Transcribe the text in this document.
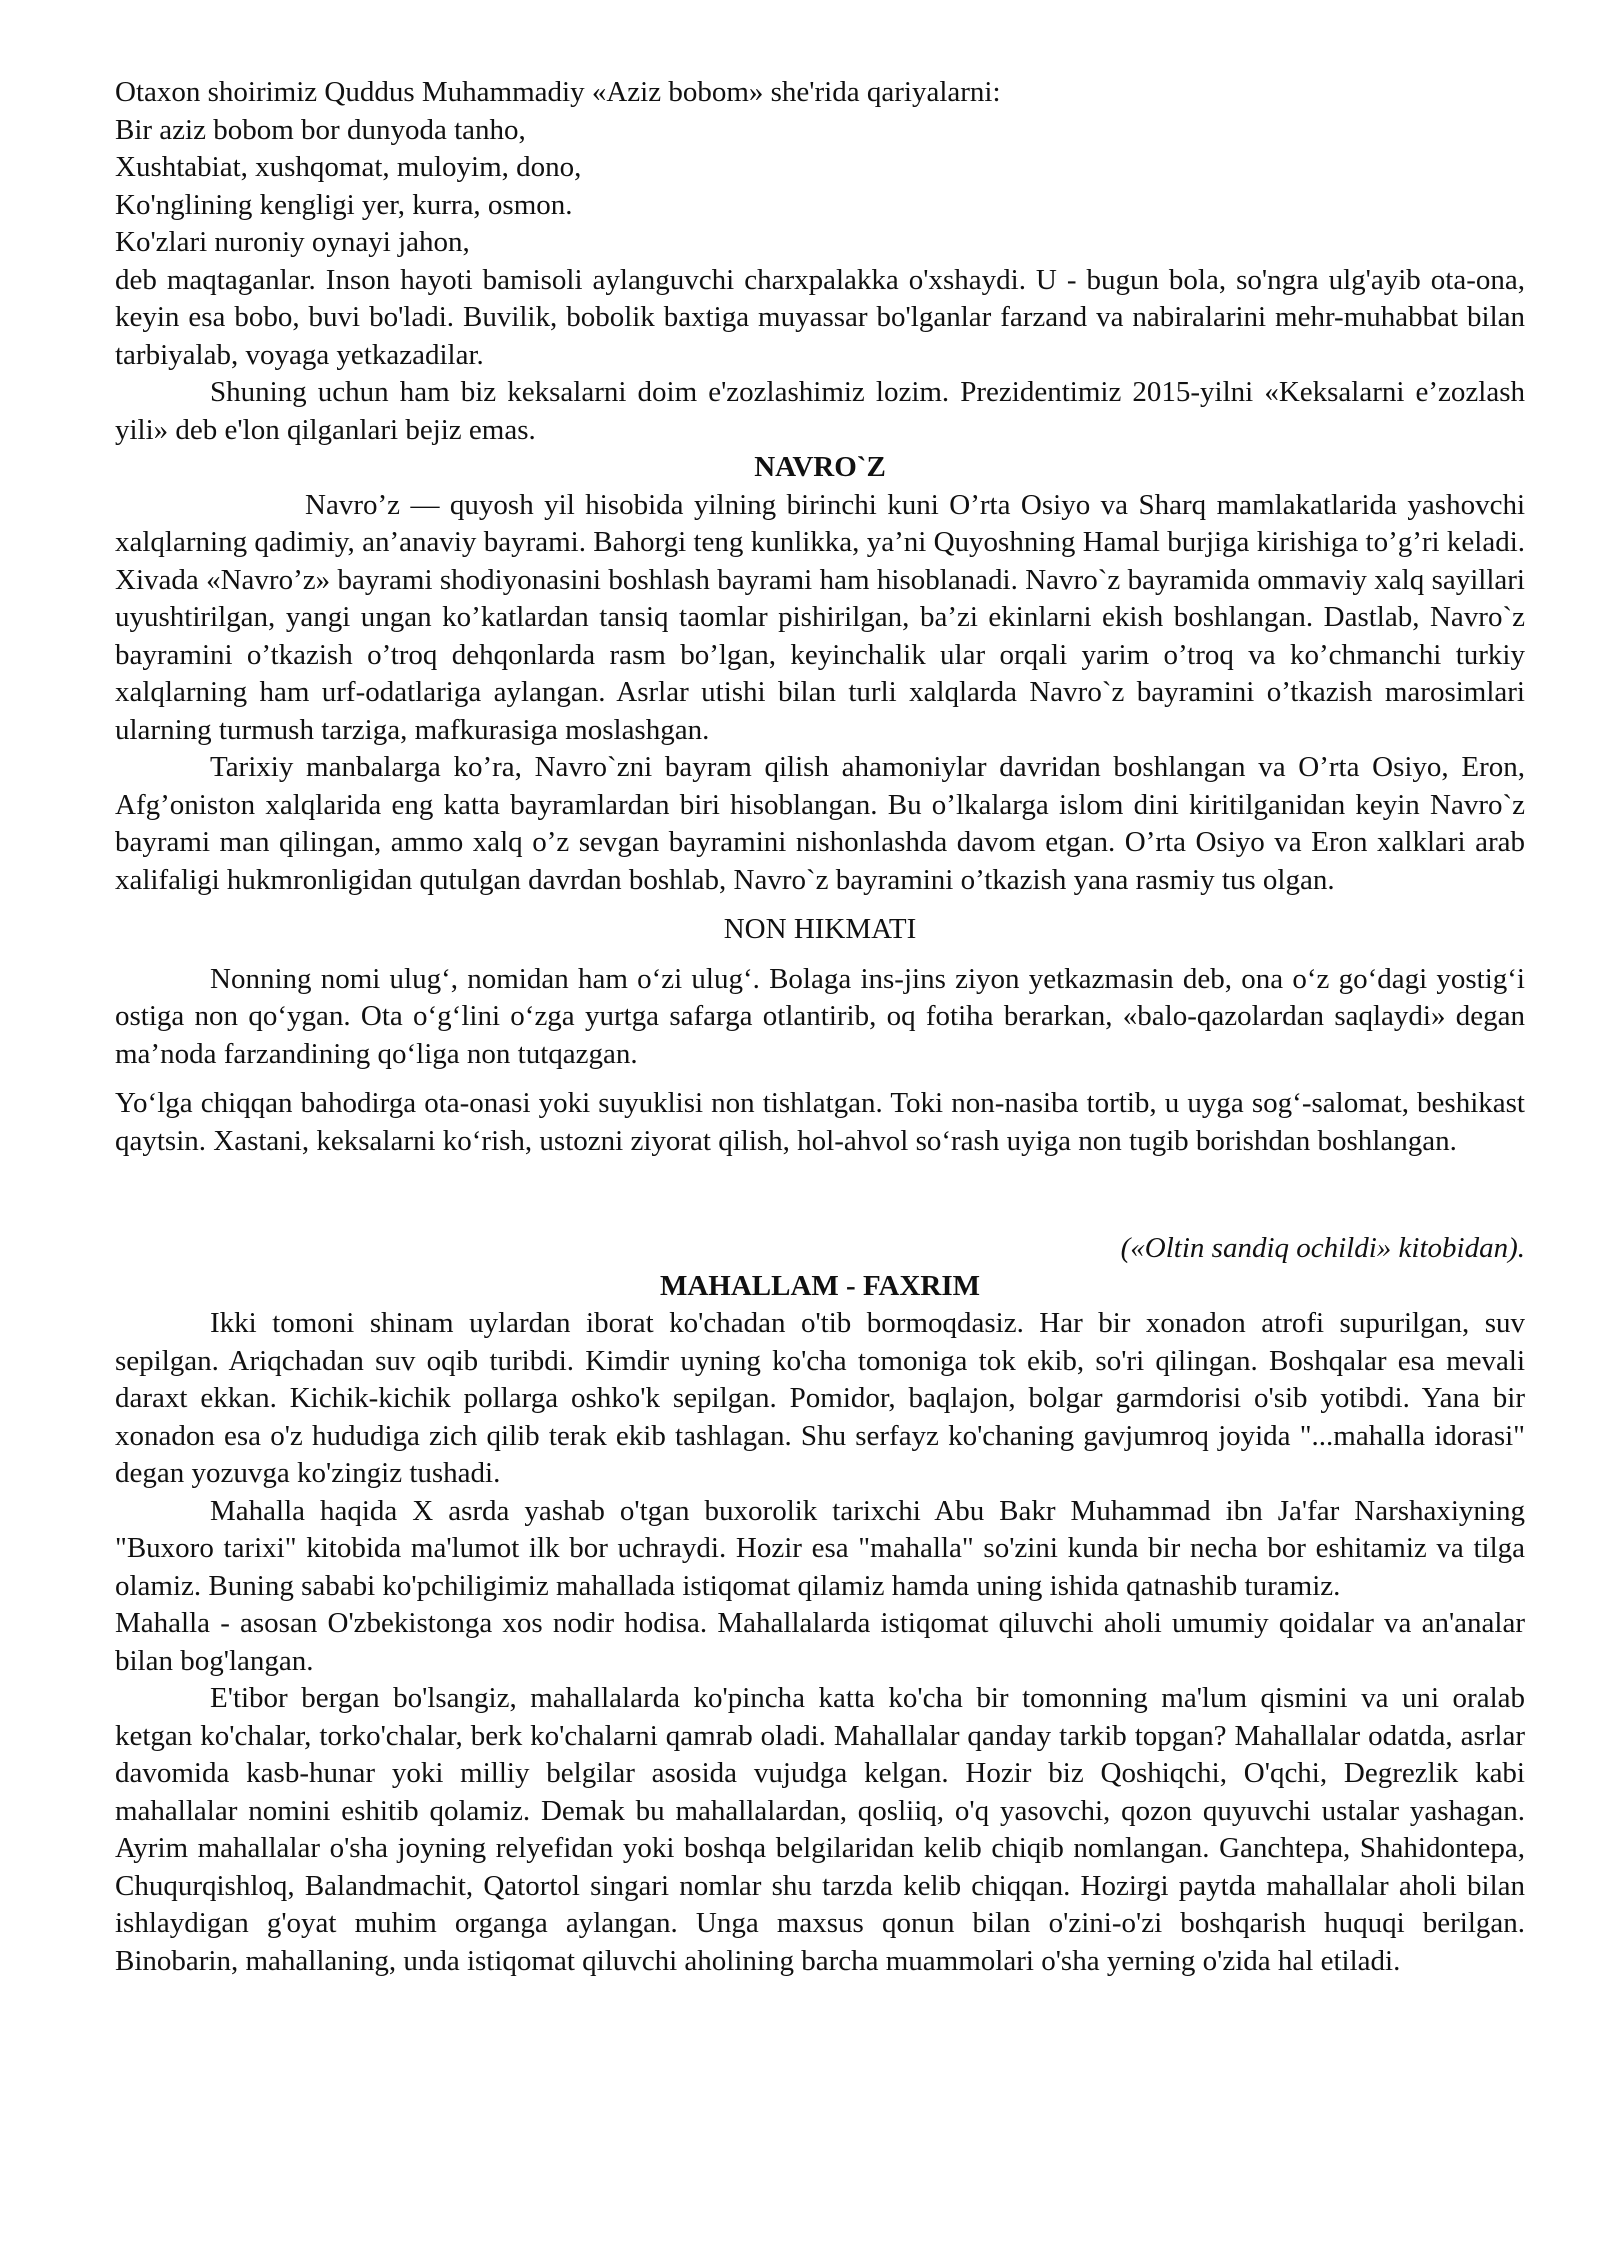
Otaxon shoirimiz Quddus Muhammadiy «Aziz bobom» she'rida qariyalarni:

Bir aziz bobom bor dunyoda tanho,

Xushtabiat, xushqomat, muloyim, dono,

Ko'nglining kengligi yer, kurra, osmon.

Ko'zlari nuroniy oynayi jahon,

deb maqtaganlar. Inson hayoti bamisoli aylanguvchi charxpalakka o'xshaydi. U - bugun bola, so'ngra ulg'ayib ota-ona, keyin esa bobo, buvi bo'ladi. Buvilik, bobolik baxtiga muyassar bo'lganlar farzand va nabiralarini mehr-muhabbat bilan tarbiyalab, voyaga yetkazadilar.

Shuning uchun ham biz keksalarni doim e'zozlashimiz lozim. Prezidentimiz 2015-yilni «Keksalarni e’zozlash yili» deb e'lon qilganlari bejiz emas.

NAVRO`Z

Navro’z — quyosh yil hisobida yilning birinchi kuni O’rta Osiyo va Sharq mamlakatlarida yashovchi xalqlarning qadimiy, an’anaviy bayrami. Bahorgi teng kunlikka, ya’ni Quyoshning Hamal burjiga kirishiga to’g’ri keladi. Xivada «Navro’z» bayrami shodiyonasini boshlash bayrami ham hisoblanadi. Navro`z bayramida ommaviy xalq sayillari uyushtirilgan, yangi ungan ko’katlardan tansiq taomlar pishirilgan, ba’zi ekinlarni ekish boshlangan. Dastlab, Navro`z bayramini o’tkazish o’troq dehqonlarda rasm bo’lgan, keyinchalik ular orqali yarim o’troq va ko’chmanchi turkiy xalqlarning ham urf-odatlariga aylangan. Asrlar utishi bilan turli xalqlarda Navro`z bayramini o’tkazish marosimlari ularning turmush tarziga, mafkurasiga moslashgan.

Tarixiy manbalarga ko’ra, Navro`zni bayram qilish ahamoniylar davridan boshlangan va O’rta Osiyo, Eron, Afg’oniston xalqlarida eng katta bayramlardan biri hisoblangan. Bu o’lkalarga islom dini kiritilganidan keyin Navro`z bayrami man qilingan, ammo xalq o’z sevgan bayramini nishonlashda davom etgan. O’rta Osiyo va Eron xalklari arab xalifaligi hukmronligidan qutulgan davrdan boshlab, Navro`z bayramini o’tkazish yana rasmiy tus olgan.

NON HIKMATI

Nonning nomi ulug‘, nomidan ham o‘zi ulug‘. Bolaga ins-jins ziyon yetkazmasin deb, ona o‘z go‘dagi yostig‘i ostiga non qo‘ygan. Ota o‘g‘lini o‘zga yurtga safarga otlantirib, oq fotiha berarkan, «balo-qazolardan saqlaydi» degan ma’noda farzandining qo‘liga non tutqazgan.

Yo‘lga chiqqan bahodirga ota-onasi yoki suyuklisi non tishlatgan. Toki non-nasiba tortib, u uyga sog‘-salomat, beshikast qaytsin. Xastani, keksalarni ko‘rish, ustozni ziyorat qilish, hol-ahvol so‘rash uyiga non tugib borishdan boshlangan.

(«Oltin sandiq ochildi» kitobidan).

MAHALLAM - FAXRIM

Ikki tomoni shinam uylardan iborat ko'chadan o'tib bormoqdasiz. Har bir xonadon atrofi supurilgan, suv sepilgan. Ariqchadan suv oqib turibdi. Kimdir uyning ko'cha tomoniga tok ekib, so'ri qilingan. Boshqalar esa mevali daraxt ekkan. Kichik-kichik pollarga oshko'k sepilgan. Pomidor, baqlajon, bolgar garmdorisi o'sib yotibdi. Yana bir xonadon esa o'z hududiga zich qilib terak ekib tashlagan. Shu serfayz ko'chaning gavjumroq joyida "...mahalla idorasi" degan yozuvga ko'zingiz tushadi.

Mahalla haqida X asrda yashab o'tgan buxorolik tarixchi Abu Bakr Muhammad ibn Ja'far Narshaxiyning "Buxoro tarixi" kitobida ma'lumot ilk bor uchraydi. Hozir esa "mahalla" so'zini kunda bir necha bor eshitamiz va tilga olamiz. Buning sababi ko'pchiligimiz mahallada istiqomat qilamiz hamda uning ishida qatnashib turamiz.

Mahalla - asosan O'zbekistonga xos nodir hodisa. Mahallalarda istiqomat qiluvchi aholi umumiy qoidalar va an'analar bilan bog'langan.

E'tibor bergan bo'lsangiz, mahallalarda ko'pincha katta ko'cha bir tomonning ma'lum qismini va uni oralab ketgan ko'chalar, torko'chalar, berk ko'chalarni qamrab oladi. Mahallalar qanday tarkib topgan? Mahallalar odatda, asrlar davomida kasb-hunar yoki milliy belgilar asosida vujudga kelgan. Hozir biz Qoshiqchi, O'qchi, Degrezlik kabi mahallalar nomini eshitib qolamiz. Demak bu mahallalardan, qosliiq, o'q yasovchi, qozon quyuvchi ustalar yashagan. Ayrim mahallalar o'sha joyning relyefidan yoki boshqa belgilaridan kelib chiqib nomlangan. Ganchtepa, Shahidontepa, Chuqurqishloq, Balandmachit, Qatortol singari nomlar shu tarzda kelib chiqqan. Hozirgi paytda mahallalar aholi bilan ishlaydigan g'oyat muhim organga aylangan. Unga maxsus qonun bilan o'zini-o'zi boshqarish huquqi berilgan. Binobarin, mahallaning, unda istiqomat qiluvchi aholining barcha muammolari o'sha yerning o'zida hal etiladi.
